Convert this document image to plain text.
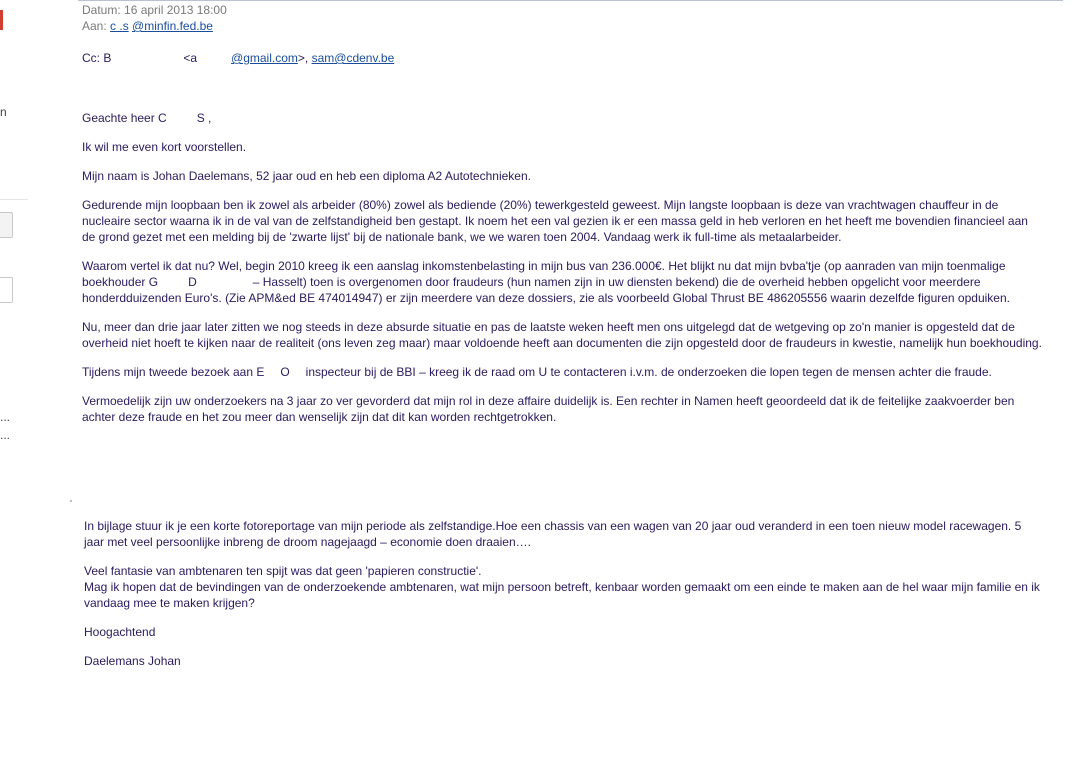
n
...
...
Datum: 16 april 2013 18:00
Aan: c .s @minfin.fed.be
Cc: B	<a	@gmail.com>, sam@cdenv.be

Geachte heer C	S ,

Ik wil me even kort voorstellen.

Mijn naam is Johan Daelemans, 52 jaar oud en heb een diploma A2 Autotechnieken.

Gedurende mijn loopbaan ben ik zowel als arbeider (80%) zowel als bediende (20%) tewerkgesteld geweest. Mijn langste loopbaan is deze van vrachtwagen chauffeur in de nucleaire sector waarna ik in de val van de zelfstandigheid ben gestapt. Ik noem het een val gezien ik er een massa geld in heb verloren en het heeft me bovendien financieel aan de grond gezet met een melding bij de 'zwarte lijst' bij de nationale bank, we we waren toen 2004. Vandaag werk ik full-time als metaalarbeider.

Waarom vertel ik dat nu? Wel, begin 2010 kreeg ik een aanslag inkomstenbelasting in mijn bus van 236.000€. Het blijkt nu dat mijn bvba'tje (op aanraden van mijn toenmalige boekhouder G	D	– Hasselt) toen is overgenomen door fraudeurs (hun namen zijn in uw diensten bekend) die de overheid hebben opgelicht voor meerdere honderdduizenden Euro's. (Zie APM&ed BE 474014947) er zijn meerdere van deze dossiers, zie als voorbeeld Global Thrust BE 486205556 waarin dezelfde figuren opduiken.

Nu, meer dan drie jaar later zitten we nog steeds in deze absurde situatie en pas de laatste weken heeft men ons uitgelegd dat de wetgeving op zo'n manier is opgesteld dat de overheid niet hoeft te kijken naar de realiteit (ons leven zeg maar) maar voldoende heeft aan documenten die zijn opgesteld door de fraudeurs in kwestie, namelijk hun boekhouding.

Tijdens mijn tweede bezoek aan E O inspecteur bij de BBI – kreeg ik de raad om U te contacteren i.v.m. de onderzoeken die lopen tegen de mensen achter die fraude.

Vermoedelijk zijn uw onderzoekers na 3 jaar zo ver gevorderd dat mijn rol in deze affaire duidelijk is. Een rechter in Namen heeft geoordeeld dat ik de feitelijke zaakvoerder ben achter deze fraude en het zou meer dan wenselijk zijn dat dit kan worden rechtgetrokken.

In bijlage stuur ik je een korte fotoreportage van mijn periode als zelfstandige.Hoe een chassis van een wagen van 20 jaar oud veranderd in een toen nieuw model racewagen. 5 jaar met veel persoonlijke inbreng de droom nagejaagd – economie doen draaien….

Veel fantasie van ambtenaren ten spijt was dat geen 'papieren constructie'.
Mag ik hopen dat de bevindingen van de onderzoekende ambtenaren, wat mijn persoon betreft, kenbaar worden gemaakt om een einde te maken aan de hel waar mijn familie en ik vandaag mee te maken krijgen?

Hoogachtend

Daelemans Johan
